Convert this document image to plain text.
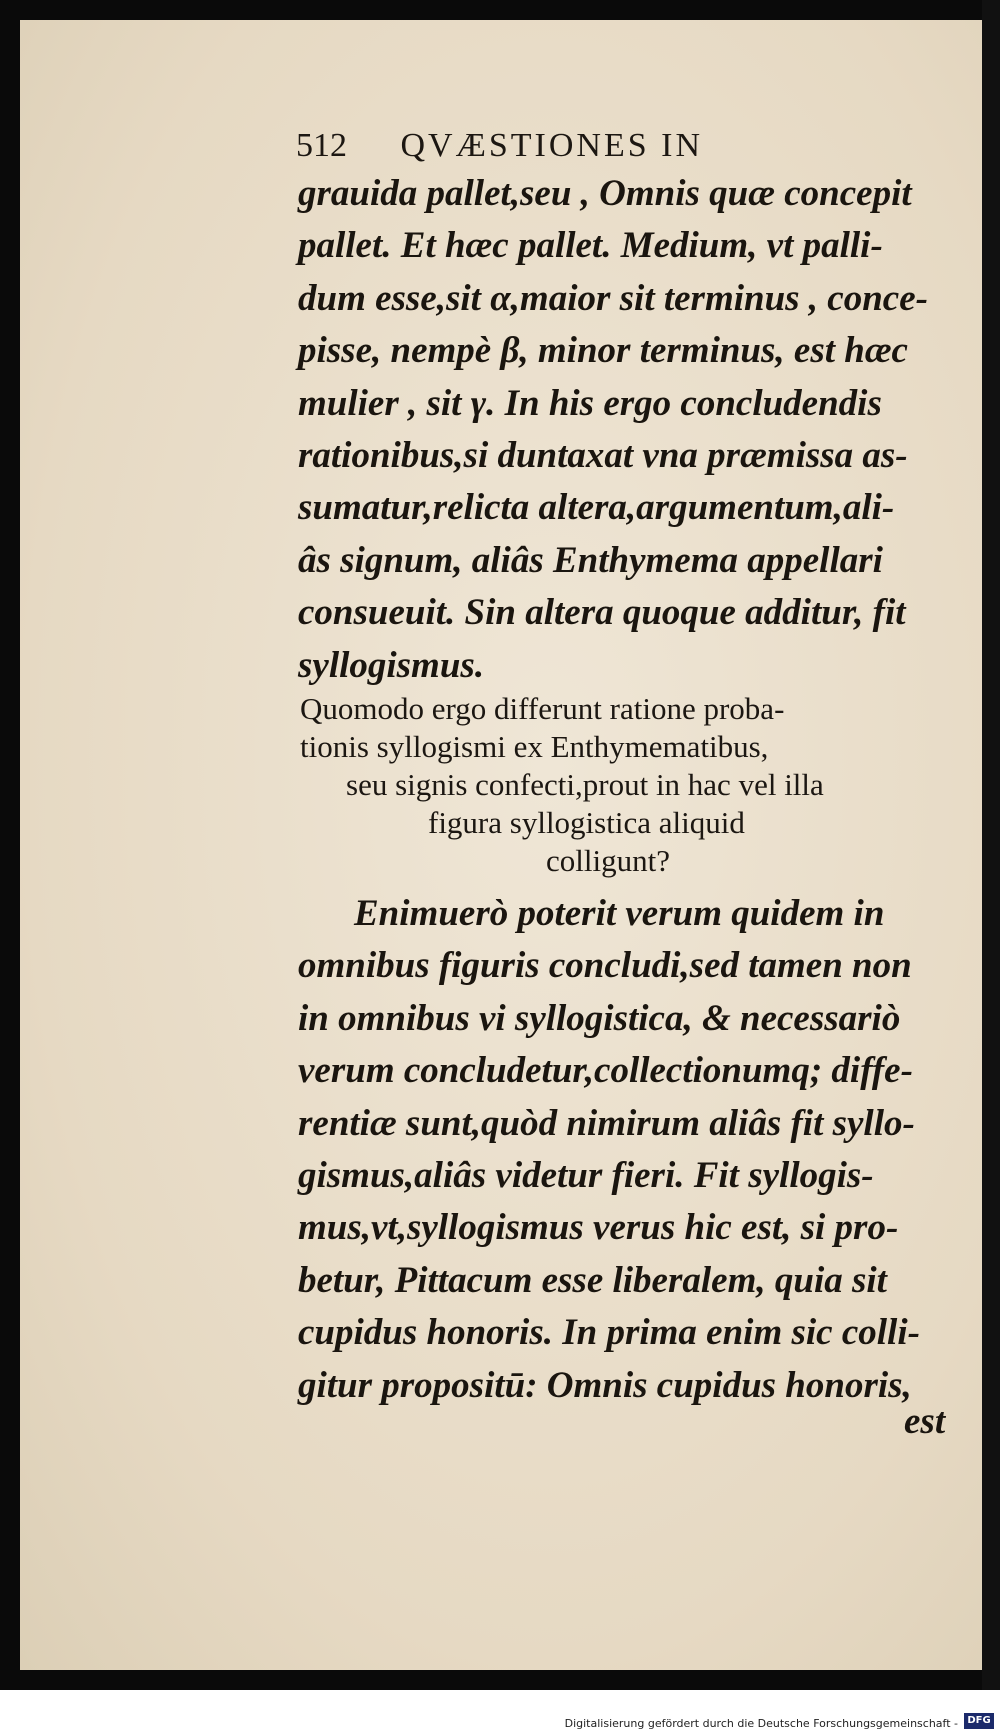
512 QVÆSTIONES IN
grauida pallet,seu , Omnis quæ concepit
pallet. Et hæc pallet. Medium, vt palli-
dum esse,sit α,maior sit terminus , conce-
pisse, nempè β, minor terminus, est hæc
mulier , sit γ. In his ergo concludendis
rationibus,si duntaxat vna præmissa as-
sumatur,relicta altera,argumentum,ali-
âs signum, aliâs Enthymema appellari
consueuit. Sin altera quoque additur, fit
syllogismus.
Quomodo ergo differunt ratione proba-
tionis syllogismi ex Enthymematibus,
seu signis confecti,prout in hac vel illa
figura syllogistica aliquid
colligunt?
Enimuerò poterit verum quidem in
omnibus figuris concludi,sed tamen non
in omnibus vi syllogistica, & necessariò
verum concludetur,collectionumq; diffe-
rentiæ sunt,quòd nimirum aliâs fit syllo-
gismus,aliâs videtur fieri. Fit syllogis-
mus,vt,syllogismus verus hic est, si pro-
betur, Pittacum esse liberalem, quia sit
cupidus honoris. In prima enim sic colli-
gitur propositū: Omnis cupidus honoris,
est
Digitalisierung gefördert durch die Deutsche Forschungsgemeinschaft - DFG
